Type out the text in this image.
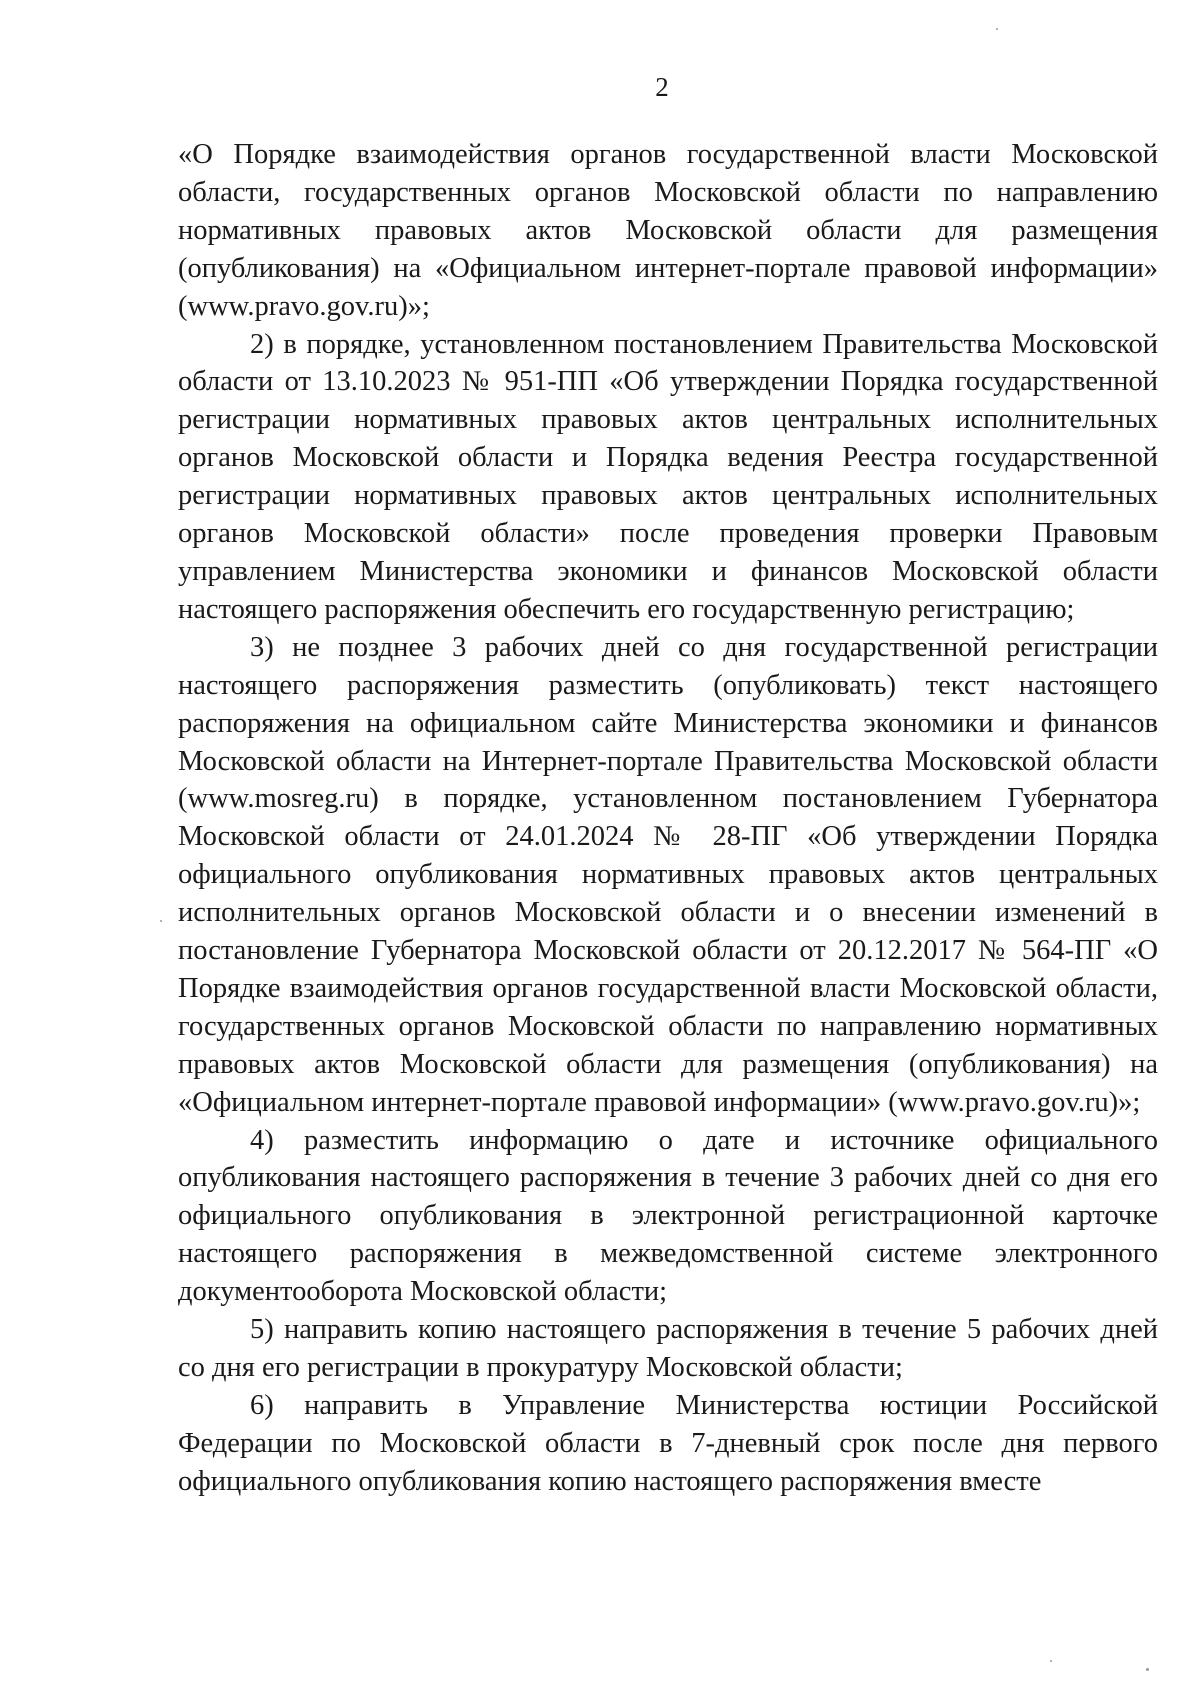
2

«О Порядке взаимодействия органов государственной власти Московской области, государственных органов Московской области по направлению нормативных правовых актов Московской области для размещения (опубликования) на «Официальном интернет-портале правовой информации» (www.pravo.gov.ru)»;

2) в порядке, установленном постановлением Правительства Московской области от 13.10.2023 № 951-ПП «Об утверждении Порядка государственной регистрации нормативных правовых актов центральных исполнительных органов Московской области и Порядка ведения Реестра государственной регистрации нормативных правовых актов центральных исполнительных органов Московской области» после проведения проверки Правовым управлением Министерства экономики и финансов Московской области настоящего распоряжения обеспечить его государственную регистрацию;

3) не позднее 3 рабочих дней со дня государственной регистрации настоящего распоряжения разместить (опубликовать) текст настоящего распоряжения на официальном сайте Министерства экономики и финансов Московской области на Интернет-портале Правительства Московской области (www.mosreg.ru) в порядке, установленном постановлением Губернатора Московской области от 24.01.2024 № 28-ПГ «Об утверждении Порядка официального опубликования нормативных правовых актов центральных исполнительных органов Московской области и о внесении изменений в постановление Губернатора Московской области от 20.12.2017 № 564-ПГ «О Порядке взаимодействия органов государственной власти Московской области, государственных органов Московской области по направлению нормативных правовых актов Московской области для размещения (опубликования) на «Официальном интернет-портале правовой информации» (www.pravo.gov.ru)»;

4) разместить информацию о дате и источнике официального опубликования настоящего распоряжения в течение 3 рабочих дней со дня его официального опубликования в электронной регистрационной карточке настоящего распоряжения в межведомственной системе электронного документооборота Московской области;

5) направить копию настоящего распоряжения в течение 5 рабочих дней со дня его регистрации в прокуратуру Московской области;

6) направить в Управление Министерства юстиции Российской Федерации по Московской области в 7-дневный срок после дня первого официального опубликования копию настоящего распоряжения вместе
